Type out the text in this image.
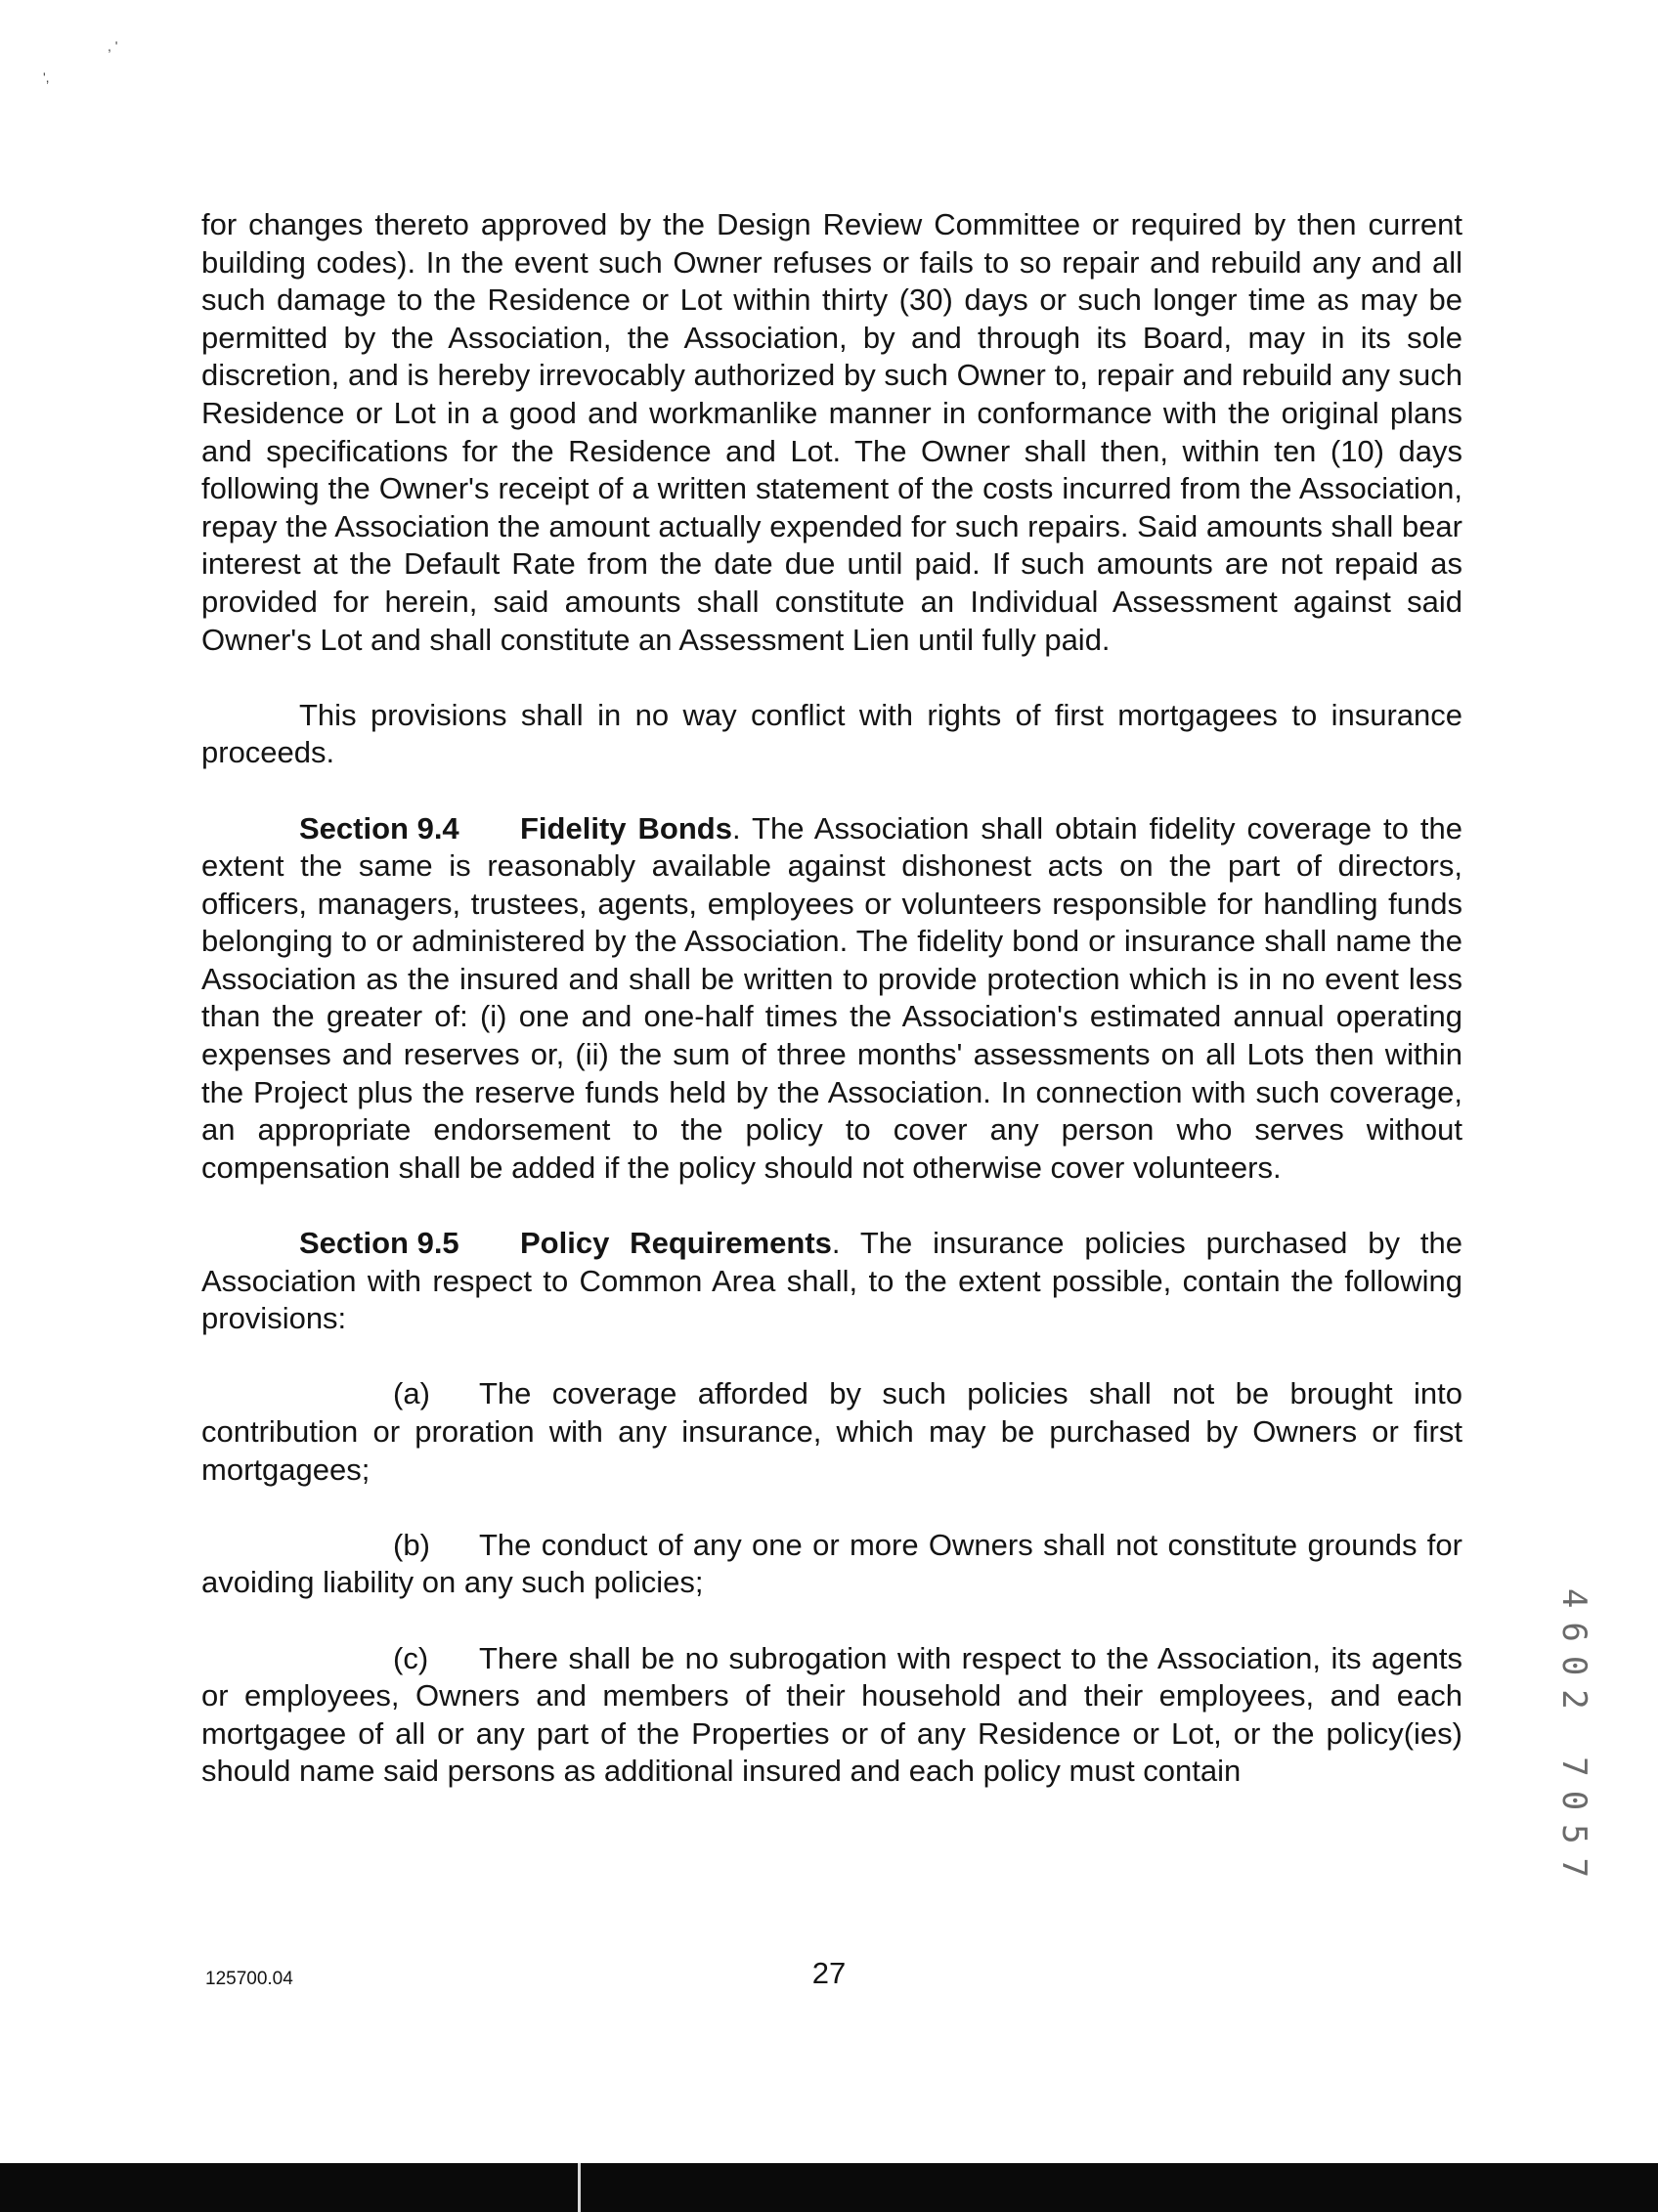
, '
',

for changes thereto approved by the Design Review Committee or required by then current building codes). In the event such Owner refuses or fails to so repair and rebuild any and all such damage to the Residence or Lot within thirty (30) days or such longer time as may be permitted by the Association, the Association, by and through its Board, may in its sole discretion, and is hereby irrevocably authorized by such Owner to, repair and rebuild any such Residence or Lot in a good and workmanlike manner in conformance with the original plans and specifications for the Residence and Lot. The Owner shall then, within ten (10) days following the Owner's receipt of a written statement of the costs incurred from the Association, repay the Association the amount actually expended for such repairs. Said amounts shall bear interest at the Default Rate from the date due until paid. If such amounts are not repaid as provided for herein, said amounts shall constitute an Individual Assessment against said Owner's Lot and shall constitute an Assessment Lien until fully paid.

This provisions shall in no way conflict with rights of first mortgagees to insurance proceeds.

Section 9.4 Fidelity Bonds. The Association shall obtain fidelity coverage to the extent the same is reasonably available against dishonest acts on the part of directors, officers, managers, trustees, agents, employees or volunteers responsible for handling funds belonging to or administered by the Association. The fidelity bond or insurance shall name the Association as the insured and shall be written to provide protection which is in no event less than the greater of: (i) one and one-half times the Association's estimated annual operating expenses and reserves or, (ii) the sum of three months' assessments on all Lots then within the Project plus the reserve funds held by the Association. In connection with such coverage, an appropriate endorsement to the policy to cover any person who serves without compensation shall be added if the policy should not otherwise cover volunteers.

Section 9.5 Policy Requirements. The insurance policies purchased by the Association with respect to Common Area shall, to the extent possible, contain the following provisions:

(a) The coverage afforded by such policies shall not be brought into contribution or proration with any insurance, which may be purchased by Owners or first mortgagees;

(b) The conduct of any one or more Owners shall not constitute grounds for avoiding liability on any such policies;

(c) There shall be no subrogation with respect to the Association, its agents or employees, Owners and members of their household and their employees, and each mortgagee of all or any part of the Properties or of any Residence or Lot, or the policy(ies) should name said persons as additional insured and each policy must contain

125700.04	27
4602 7057
